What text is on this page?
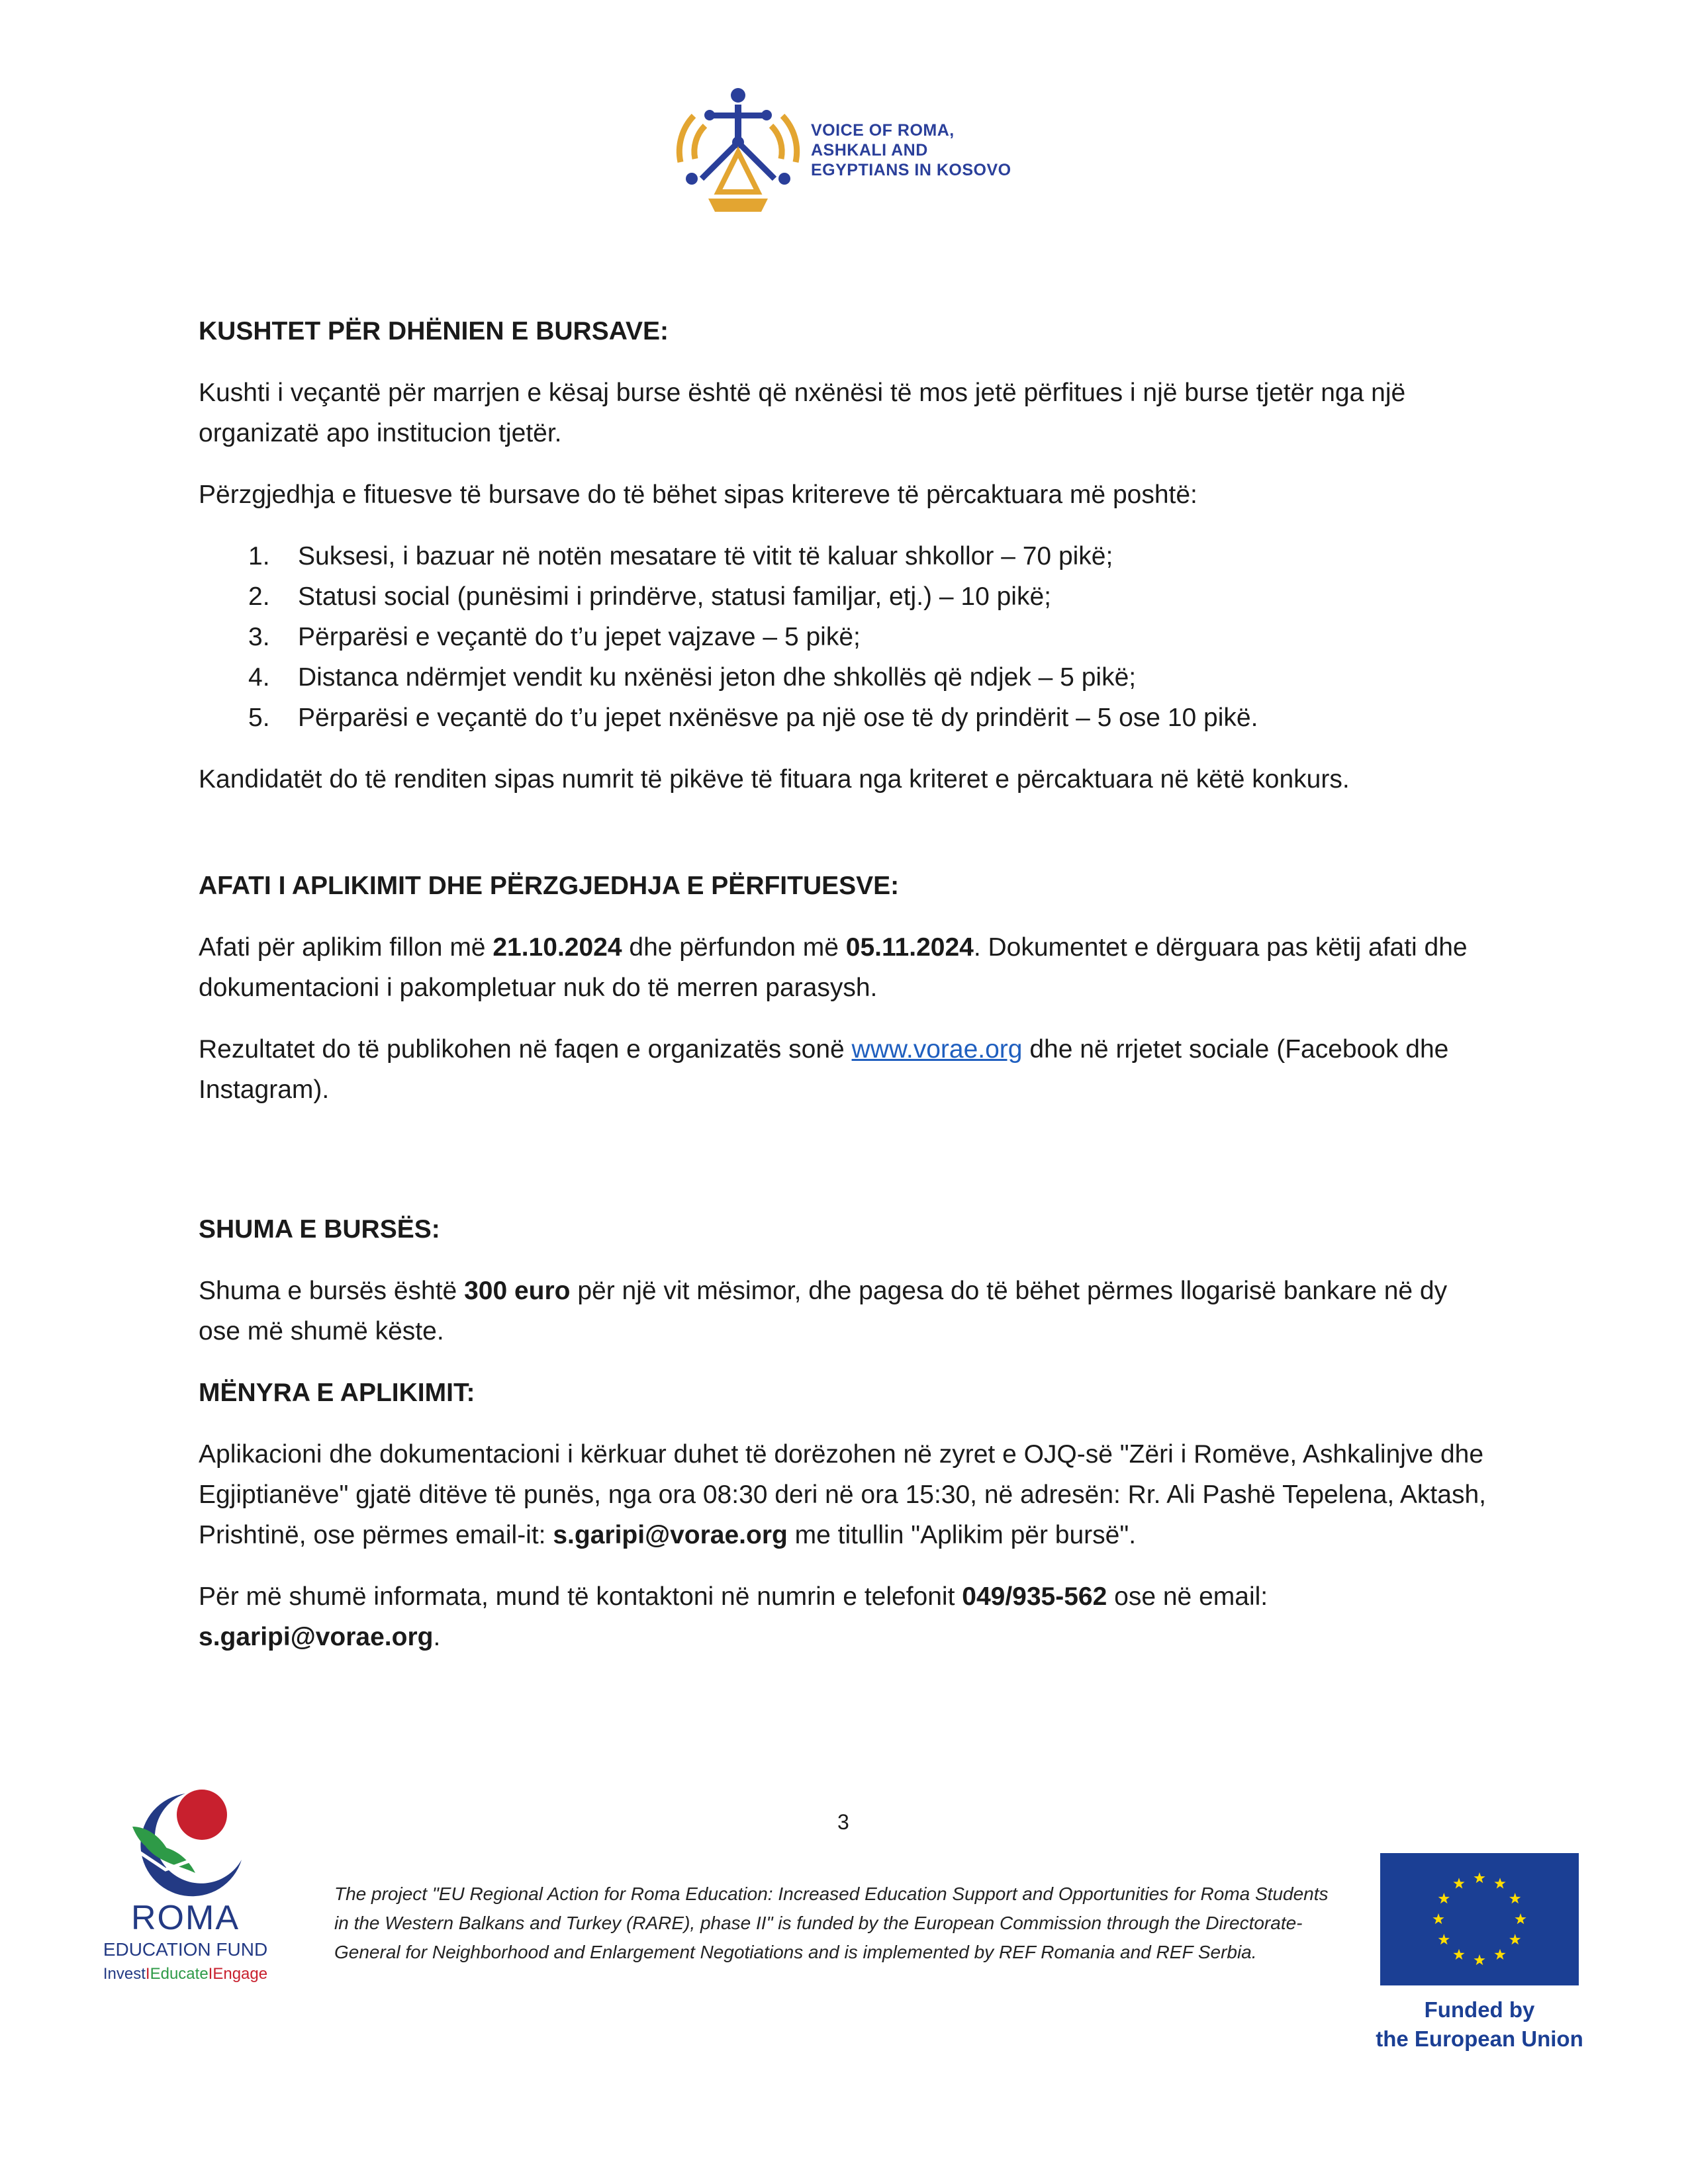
VOICE OF ROMA,
ASHKALI AND
EGYPTIANS IN KOSOVO

KUSHTET PËR DHËNIEN E BURSAVE:

Kushti i veçantë për marrjen e kësaj burse është që nxënësi të mos jetë përfitues i një burse tjetër nga një organizatë apo institucion tjetër.

Përzgjedhja e fituesve të bursave do të bëhet sipas kritereve të përcaktuara më poshtë:

1. Suksesi, i bazuar në notën mesatare të vitit të kaluar shkollor – 70 pikë;
2. Statusi social (punësimi i prindërve, statusi familjar, etj.) – 10 pikë;
3. Përparësi e veçantë do t’u jepet vajzave – 5 pikë;
4. Distanca ndërmjet vendit ku nxënësi jeton dhe shkollës që ndjek – 5 pikë;
5. Përparësi e veçantë do t’u jepet nxënësve pa një ose të dy prindërit – 5 ose 10 pikë.

Kandidatët do të renditen sipas numrit të pikëve të fituara nga kriteret e përcaktuara në këtë konkurs.

AFATI I APLIKIMIT DHE PËRZGJEDHJA E PËRFITUESVE:

Afati për aplikim fillon më 21.10.2024 dhe përfundon më 05.11.2024. Dokumentet e dërguara pas këtij afati dhe dokumentacioni i pakompletuar nuk do të merren parasysh.

Rezultatet do të publikohen në faqen e organizatës sonë www.vorae.org dhe në rrjetet sociale (Facebook dhe Instagram).

SHUMA E BURSËS:

Shuma e bursës është 300 euro për një vit mësimor, dhe pagesa do të bëhet përmes llogarisë bankare në dy ose më shumë këste.

MËNYRA E APLIKIMIT:

Aplikacioni dhe dokumentacioni i kërkuar duhet të dorëzohen në zyret e OJQ-së "Zëri i Romëve, Ashkalinjve dhe Egjiptianëve" gjatë ditëve të punës, nga ora 08:30 deri në ora 15:30, në adresën: Rr. Ali Pashë Tepelena, Aktash, Prishtinë, ose përmes email-it: s.garipi@vorae.org me titullin "Aplikim për bursë".

Për më shumë informata, mund të kontaktoni në numrin e telefonit 049/935-562 ose në email: s.garipi@vorae.org.

ROMA
EDUCATION FUND
InvestIEducateIEngage
3
The project "EU Regional Action for Roma Education: Increased Education Support and Opportunities for Roma Students in the Western Balkans and Turkey (RARE), phase II" is funded by the European Commission through the Directorate-General for Neighborhood and Enlargement Negotiations and is implemented by REF Romania and REF Serbia.
Funded by
the European Union
